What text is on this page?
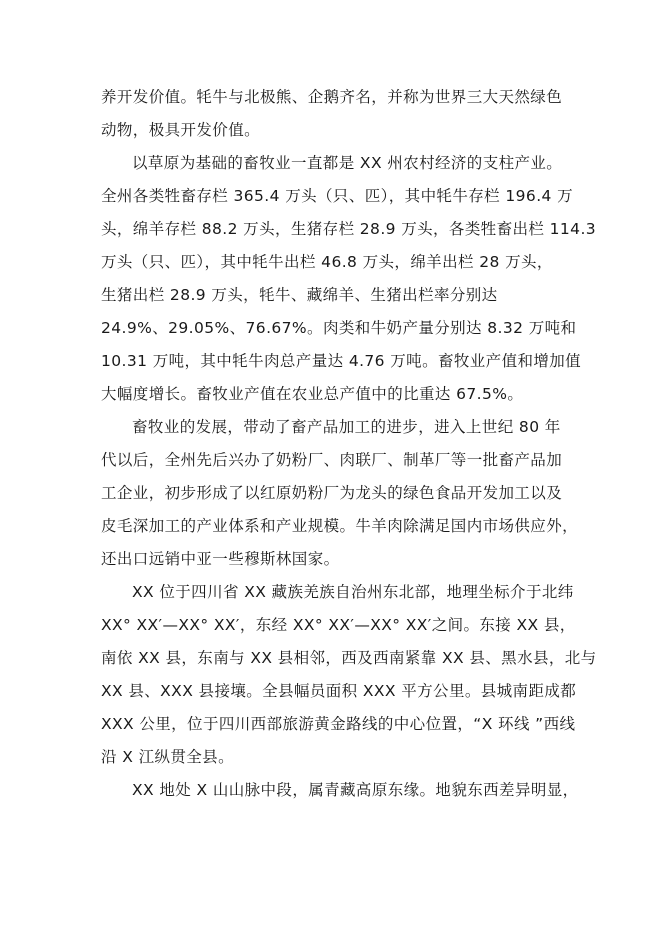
养开发价值。牦牛与北极熊、企鹅齐名，并称为世界三大天然绿色
动物，极具开发价值。
以草原为基础的畜牧业一直都是 XX 州农村经济的支柱产业。
全州各类牲畜存栏 365.4 万头（只、匹），其中牦牛存栏 196.4 万
头，绵羊存栏 88.2 万头，生猪存栏 28.9 万头，各类牲畜出栏 114.3
万头（只、匹），其中牦牛出栏 46.8 万头，绵羊出栏 28 万头，
生猪出栏 28.9 万头，牦牛、藏绵羊、生猪出栏率分别达
24.9%、29.05%、76.67%。肉类和牛奶产量分别达 8.32 万吨和
10.31 万吨，其中牦牛肉总产量达 4.76 万吨。畜牧业产值和增加值
大幅度增长。畜牧业产值在农业总产值中的比重达 67.5%。
畜牧业的发展，带动了畜产品加工的进步，进入上世纪 80 年
代以后，全州先后兴办了奶粉厂、肉联厂、制革厂等一批畜产品加
工企业，初步形成了以红原奶粉厂为龙头的绿色食品开发加工以及
皮毛深加工的产业体系和产业规模。牛羊肉除满足国内市场供应外，
还出口远销中亚一些穆斯林国家。
XX 位于四川省 XX 藏族羌族自治州东北部，地理坐标介于北纬
XX° XX′—XX° XX′，东经 XX° XX′—XX° XX′之间。东接 XX 县，
南依 XX 县，东南与 XX 县相邻，西及西南紧靠 XX 县、黑水县，北与
XX 县、XXX 县接壤。全县幅员面积 XXX 平方公里。县城南距成都
XXX 公里，位于四川西部旅游黄金路线的中心位置，“X 环线 ”西线
沿 X 江纵贯全县。
XX 地处 X 山山脉中段，属青藏高原东缘。地貌东西差异明显，
